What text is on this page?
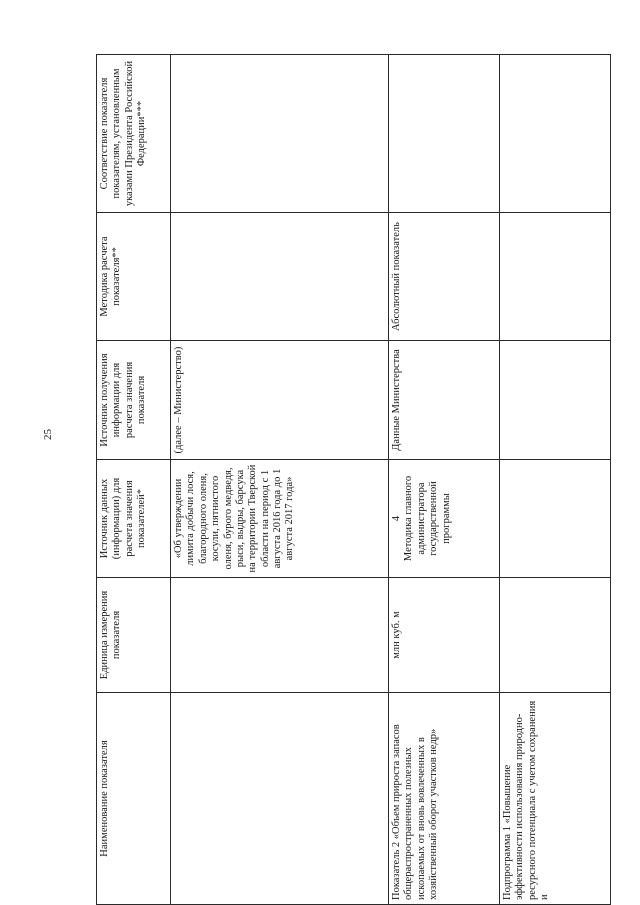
25
Наименование показателя	Единица измерения показателя	Источник данных (информации) для расчета значения показателей*	Источник получения информации для расчета значения показателя	Методика расчета показателя**	Соответствие показателя показателям, установленным указами Президента Российской Федерации***
		«Об утверждении лимита добычи лося, благородного оленя, косули, пятнистого оленя, бурого медведя, рыси, выдры, барсука на территории Тверской области на период с 1 августа 2016 года до 1 августа 2017 года»	(далее – Министерство)		
Показатель 2 «Объем прироста запасов общераспространенных полезных ископаемых от вновь вовлеченных в хозяйственный оборот участков недр»	млн куб. м	4 Методика главного администратора государственной программы	Данные Министерства	Абсолютный показатель	
Подпрограмма 1 «Повышение эффективности использования природно-ресурсного потенциала с учетом сохранения и					
